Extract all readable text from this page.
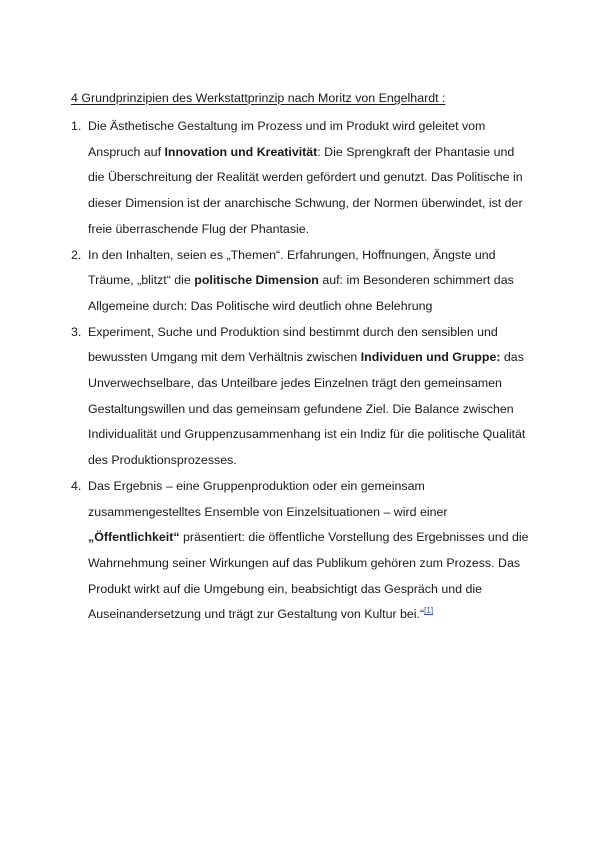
4 Grundprinzipien des Werkstattprinzip nach Moritz von Engelhardt :
1. Die Ästhetische Gestaltung im Prozess und im Produkt wird geleitet vom Anspruch auf Innovation und Kreativität: Die Sprengkraft der Phantasie und die Überschreitung der Realität werden gefördert und genutzt. Das Politische in dieser Dimension ist der anarchische Schwung, der Normen überwindet, ist der freie überraschende Flug der Phantasie.
2. In den Inhalten, seien es „Themen“. Erfahrungen, Hoffnungen, Ängste und Träume, „blitzt“ die politische Dimension auf: im Besonderen schimmert das Allgemeine durch: Das Politische wird deutlich ohne Belehrung
3. Experiment, Suche und Produktion sind bestimmt durch den sensiblen und bewussten Umgang mit dem Verhältnis zwischen Individuen und Gruppe: das Unverwechselbare, das Unteilbare jedes Einzelnen trägt den gemeinsamen Gestaltungswillen und das gemeinsam gefundene Ziel. Die Balance zwischen Individualität und Gruppenzusammenhang ist ein Indiz für die politische Qualität des Produktionsprozesses.
4. Das Ergebnis – eine Gruppenproduktion oder ein gemeinsam zusammengestelltes Ensemble von Einzelsituationen – wird einer „Öffentlichkeit“ präsentiert: die öffentliche Vorstellung des Ergebnisses und die Wahrnehmung seiner Wirkungen auf das Publikum gehören zum Prozess. Das Produkt wirkt auf die Umgebung ein, beabsichtigt das Gespräch und die Auseinandersetzung und trägt zur Gestaltung von Kultur bei.“[1]
